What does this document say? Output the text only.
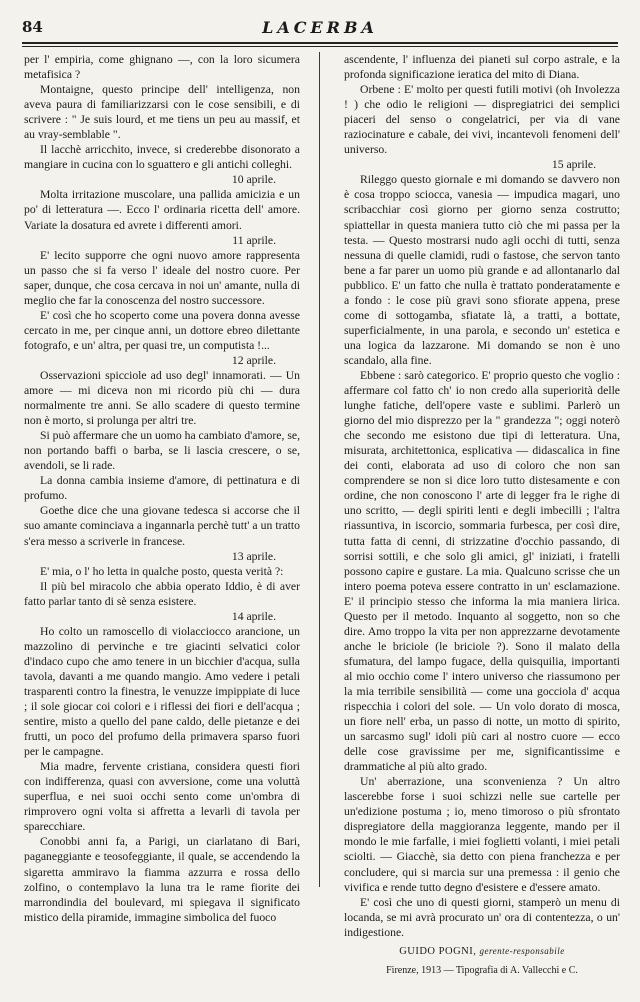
84	LACERBA

per l' empiria, come ghignano —, con la loro sicumera metafisica ?

Montaigne, questo principe dell' intelligenza, non aveva paura di familiarizzarsi con le cose sensibili, e di scrivere : " Je suis lourd, et me tiens un peu au massif, et au vray-semblable ".

Il lacchè arricchito, invece, si crederebbe disonorato a mangiare in cucina con lo sguattero e gli antichi colleghi.

10 aprile.

Molta irritazione muscolare, una pallida amicizia e un po' di letteratura —. Ecco l' ordinaria ricetta dell' amore. Variate la dosatura ed avrete i differenti amori.

11 aprile.

E' lecito supporre che ogni nuovo amore rappresenta un passo che si fa verso l' ideale del nostro cuore. Per saper, dunque, che cosa cercava in noi un' amante, nulla di meglio che far la conoscenza del nostro successore.

E' così che ho scoperto come una povera donna avesse cercato in me, per cinque anni, un dottore ebreo dilettante fotografo, e un' altra, per quasi tre, un computista !...

12 aprile.

Osservazioni spicciole ad uso degl' innamorati. — Un amore — mi diceva non mi ricordo più chi — dura normalmente tre anni. Se allo scadere di questo termine non è morto, si prolunga per altri tre.

Si può affermare che un uomo ha cambiato d'amore, se, non portando baffi o barba, se li lascia crescere, o se, avendoli, se li rade.

La donna cambia insieme d'amore, di pettinatura e di profumo.

Goethe dice che una giovane tedesca si accorse che il suo amante cominciava a ingannarla perchè tutt' a un tratto s'era messo a scriverle in francese.

13 aprile.

E' mia, o l' ho letta in qualche posto, questa verità ?:

Il più bel miracolo che abbia operato Iddio, è di aver fatto parlar tanto di sè senza esistere.

14 aprile.

Ho colto un ramoscello di violacciocco arancione, un mazzolino di pervinche e tre giacinti selvatici color d'indaco cupo che amo tenere in un bicchier d'acqua, sulla tavola, davanti a me quando mangio. Amo vedere i petali trasparenti contro la finestra, le venuzze impippiate di luce ; il sole giocar coi colori e i riflessi dei fiori e dell'acqua ; sentire, misto a quello del pane caldo, delle pietanze e dei frutti, un poco del profumo della primavera sparso fuori per le campagne.

Mia madre, fervente cristiana, considera questi fiori con indifferenza, quasi con avversione, come una voluttà superflua, e nei suoi occhi sento come un'ombra di rimprovero ogni volta si affretta a levarli di tavola per sparecchiare.

Conobbi anni fa, a Parigi, un ciarlatano di Bari, paganeggiante e teosofeggiante, il quale, se accendendo la sigaretta ammiravo la fiamma azzurra e rossa dello zolfino, o contemplavo la luna tra le rame fiorite dei marrondindia del boulevard, mi spiegava il significato mistico della piramide, immagine simbolica del fuoco

ascendente, l' influenza dei pianeti sul corpo astrale, e la profonda significazione ieratica del mito di Diana.

Orbene : E' molto per questi futili motivi (oh Involezza ! ) che odio le religioni — dispregiatrici dei semplici piaceri del senso o congelatrici, per via di vane raziocinature e cabale, dei vivi, incantevoli fenomeni dell' universo.

15 aprile.

Rileggo questo giornale e mi domando se davvero non è cosa troppo sciocca, vanesia — impudica magari, uno scribacchiar così giorno per giorno senza costrutto; spiattellar in questa maniera tutto ciò che mi passa per la testa. — Questo mostrarsi nudo agli occhi di tutti, senza nessuna di quelle clamidi, rudi o fastose, che servon tanto bene a far parer un uomo più grande e ad allontanarlo dal pubblico. E' un fatto che nulla è trattato ponderatamente e a fondo : le cose più gravi sono sfiorate appena, prese come di sottogamba, sfiatate là, a tratti, a bottate, superficialmente, in una parola, e secondo un' estetica e una logica da lazzarone. Mi domando se non è uno scandalo, alla fine.

Ebbene : sarò categorico. E' proprio questo che voglio : affermare col fatto ch' io non credo alla superiorità delle lunghe fatiche, dell'opere vaste e sublimi. Parlerò un giorno del mio disprezzo per la " grandezza "; oggi noterò che secondo me esistono due tipi di letteratura. Una, misurata, architettonica, esplicativa — didascalica in fine dei conti, elaborata ad uso di coloro che non san comprendere se non si dice loro tutto distesamente e con ordine, che non conoscono l' arte di legger fra le righe di uno scritto, — degli spiriti lenti e degli imbecilli ; l'altra riassuntiva, in iscorcio, sommaria furbesca, per così dire, tutta fatta di cenni, di strizzatine d'occhio passando, di sorrisi sottili, e che solo gli amici, gl' iniziati, i fratelli possono capire e gustare. La mia. Qualcuno scrisse che un intero poema poteva essere contratto in un' esclamazione. E' il principio stesso che informa la mia maniera lirica. Questo per il metodo. Inquanto al soggetto, non so che dire. Amo troppo la vita per non apprezzarne devotamente anche le briciole (le briciole ?). Sono il malato della sfumatura, del lampo fugace, della quisquilia, importanti al mio occhio come l' intero universo che riassumono per la mia terribile sensibilità — come una gocciola d' acqua rispecchia i colori del sole. — Un volo dorato di mosca, un fiore nell' erba, un passo di notte, un motto di spirito, un sarcasmo sugl' idoli più cari al nostro cuore — ecco delle cose gravissime per me, significantissime e drammatiche al più alto grado.

Un' aberrazione, una sconvenienza ? Un altro lascerebbe forse i suoi schizzi nelle sue cartelle per un'edizione postuma ; io, meno timoroso o più sfrontato dispregiatore della maggioranza leggente, mando per il mondo le mie farfalle, i miei foglietti volanti, i miei petali sciolti. — Giacchè, sia detto con piena franchezza e per concludere, qui si marcia sur una premessa : il genio che vivifica e rende tutto degno d'esistere e d'essere amato.

E' così che uno di questi giorni, stamperò un menu di locanda, se mi avrà procurato un' ora di contentezza, o un' indigestione.

GUIDO POGNI, gerente-responsabile

Firenze, 1913 — Tipografia di A. Vallecchi e C.
